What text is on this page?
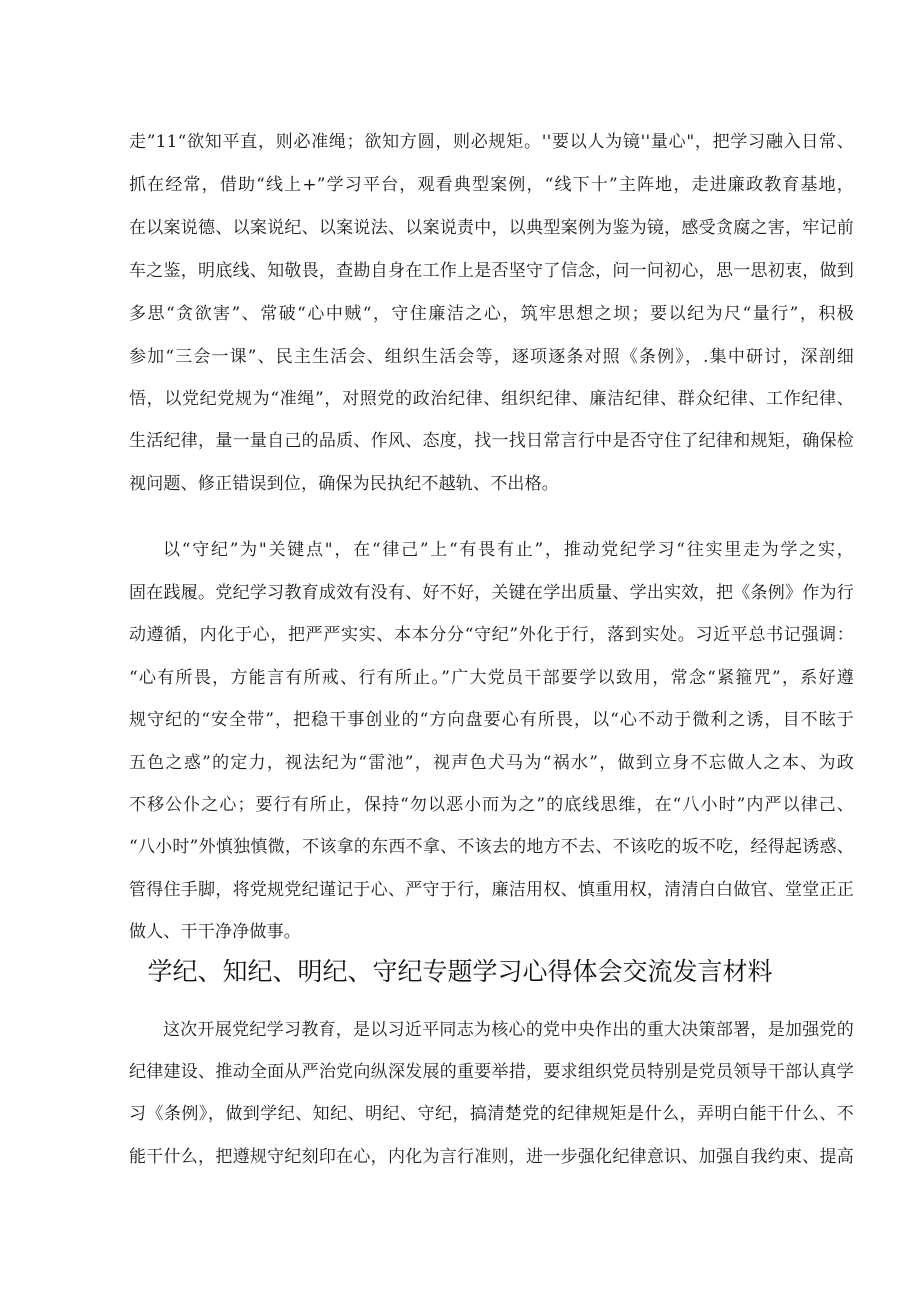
走”11“欲知平直，则必准绳；欲知方圆，则必规矩。''要以人为镜''量心"，把学习融入日常、
抓在经常，借助“线上+”学习平台，观看典型案例，“线下十”主阵地，走进廉政教育基地，
在以案说德、以案说纪、以案说法、以案说责中，以典型案例为鉴为镜，感受贪腐之害，牢记前
车之鉴，明底线、知敬畏，查勘自身在工作上是否坚守了信念，问一问初心，思一思初衷，做到
多思“贪欲害”、常破“心中贼“，守住廉洁之心，筑牢思想之坝；要以纪为尺“量行”，积极
参加“三会一课”、民主生活会、组织生活会等，逐项逐条对照《条例》，.集中研讨，深剖细
悟，以党纪党规为“准绳”，对照党的政治纪律、组织纪律、廉洁纪律、群众纪律、工作纪律、
生活纪律，量一量自己的品质、作风、态度，找一找日常言行中是否守住了纪律和规矩，确保检
视问题、修正错误到位，确保为民执纪不越轨、不出格。
以“守纪”为"关键点"，在“律己”上“有畏有止”，推动党纪学习“往实里走为学之实，
固在践履。党纪学习教育成效有没有、好不好，关键在学出质量、学出实效，把《条例》作为行
动遵循，内化于心，把严严实实、本本分分“守纪”外化于行，落到实处。习近平总书记强调：
“心有所畏，方能言有所戒、行有所止。”广大党员干部要学以致用，常念“紧箍咒”，系好遵
规守纪的“安全带”，把稳干事创业的“方向盘要心有所畏，以“心不动于微利之诱，目不眩于
五色之惑”的定力，视法纪为“雷池”，视声色犬马为“祸水”，做到立身不忘做人之本、为政
不移公仆之心；要行有所止，保持“勿以恶小而为之”的底线思维，在“八小时”内严以律己、
“八小时”外慎独慎微，不该拿的东西不拿、不该去的地方不去、不该吃的坂不吃，经得起诱惑、
管得住手脚，将党规党纪谨记于心、严守于行，廉洁用权、慎重用权，清清白白做官、堂堂正正
做人、干干净净做事。
学纪、知纪、明纪、守纪专题学习心得体会交流发言材料
这次开展党纪学习教育，是以习近平同志为核心的党中央作出的重大决策部署，是加强党的
纪律建设、推动全面从严治党向纵深发展的重要举措，要求组织党员特别是党员领导干部认真学
习《条例》，做到学纪、知纪、明纪、守纪，搞清楚党的纪律规矩是什么，弄明白能干什么、不
能干什么，把遵规守纪刻印在心，内化为言行准则，进一步强化纪律意识、加强自我约束、提高
